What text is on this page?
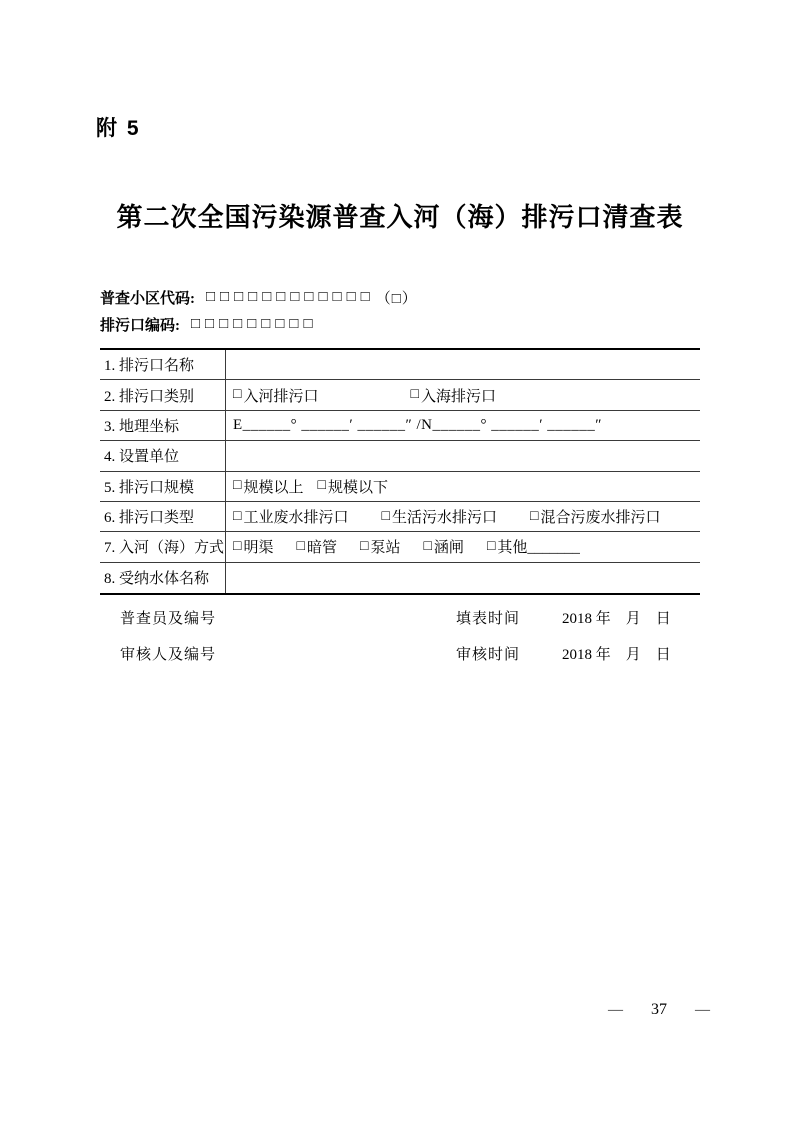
附 5
第二次全国污染源普查入河（海）排污口清查表
普查小区代码: □□□□□□□□□□□□ （□）
排污口编码: □□□□□□□□□
1. 排污口名称
2. 排污口类别	□ 入河排污口	□ 入海排污口
3. 地理坐标	E______° ______′ ______″ /N______° ______′ ______″
4. 设置单位
5. 排污口规模	□ 规模以上 □ 规模以下
6. 排污口类型	□ 工业废水排污口 □ 生活污水排污口 □ 混合污废水排污口
7. 入河（海）方式 □ 明渠 □ 暗管 □ 泵站 □ 涵闸 □ 其他_______
8. 受纳水体名称
普查员及编号	填表时间	2018 年　月　日
审核人及编号	审核时间	2018 年　月　日
— 37 —
